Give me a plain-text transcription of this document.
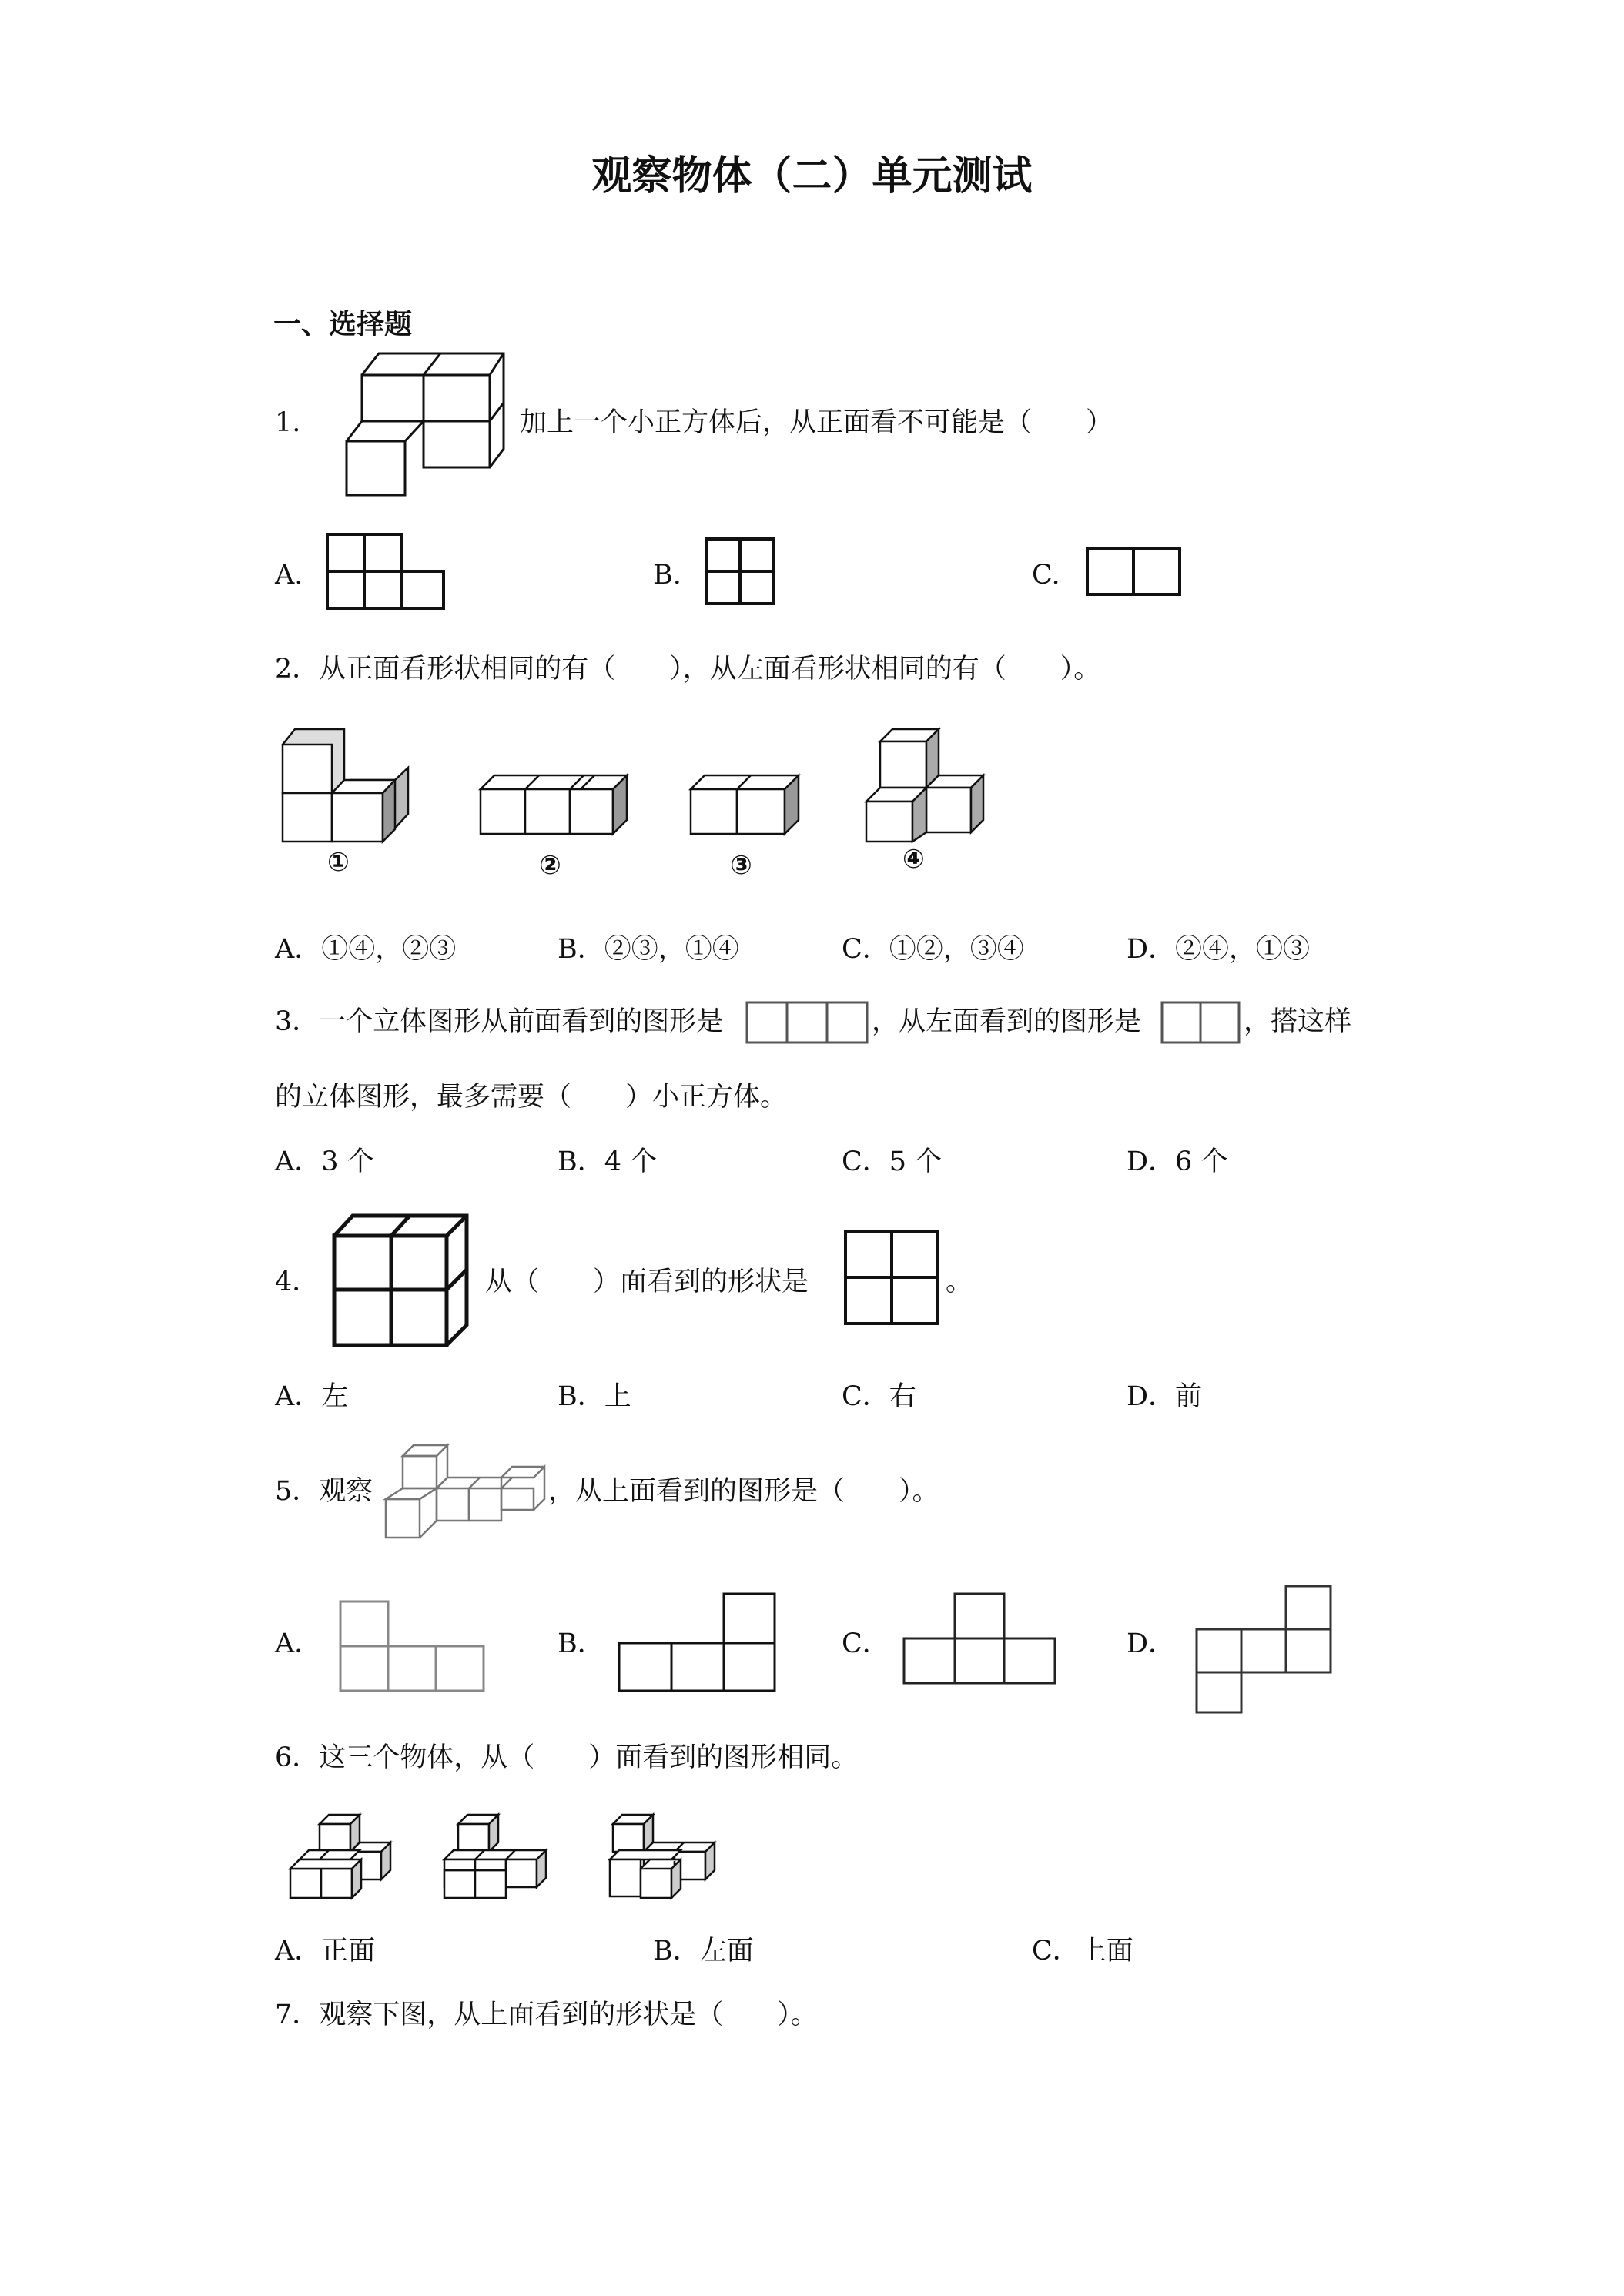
观察物体（二）单元测试
一、选择题
1.	加上一个小正方体后，从正面看不可能是（　　）
A.	B.	C.
2．从正面看形状相同的有（　　），从左面看形状相同的有（　　）。
①	②	③	④
A．①④，②③	B．②③，①④	C．①②，③④	D．②④，①③
3．一个立体图形从前面看到的图形是	，从左面看到的图形是	，搭这样
的立体图形，最多需要（　　）小正方体。
A．3 个	B．4 个	C．5 个	D．6 个
4．	从（　　）面看到的形状是	。
A．左	B．上	C．右	D．前
5．观察	，从上面看到的图形是（　　）。
A．	B．	C．	D．
6．这三个物体，从（　　）面看到的图形相同。
A．正面	B．左面	C．上面
7．观察下图，从上面看到的形状是（　　）。
